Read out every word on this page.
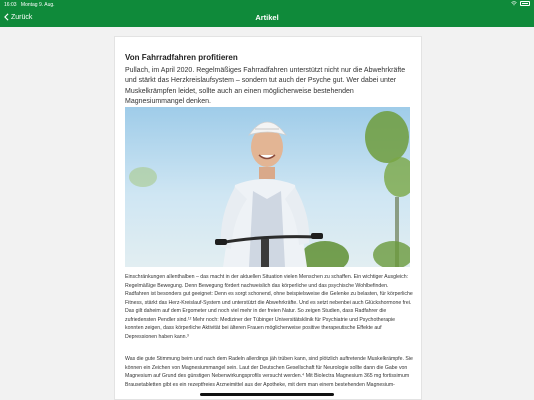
16:03 Montag 9. Aug.
Zurück	Artikel
Von Fahrradfahren profitieren
Pullach, im April 2020. Regelmäßiges Fahrradfahren unterstützt nicht nur die Abwehrkräfte und stärkt das Herzkreislaufsystem – sondern tut auch der Psyche gut. Wer dabei unter Muskelkrämpfen leidet, sollte auch an einen möglicherweise bestehenden Magnesiummangel denken.
Einschränkungen allenthalben – das macht in der aktuellen Situation vielen Menschen zu schaffen. Ein wichtiger Ausgleich: Regelmäßige Bewegung. Denn Bewegung fördert nachweislich das körperliche und das psychische Wohlbefinden. Radfahren ist besonders gut geeignet: Denn es sorgt schonend, ohne beispielsweise die Gelenke zu belasten, für körperliche Fitness, stärkt das Herz-Kreislauf-System und unterstützt die Abwehrkräfte. Und es setzt nebenbei auch Glückshormone frei. Das gilt daheim auf dem Ergometer und noch viel mehr in der freien Natur. So zeigen Studien, dass Radfahrer die zufriedensten Pendler sind.¹² Mehr noch: Mediziner der Tübinger Universitätsklinik für Psychiatrie und Psychotherapie konnten zeigen, dass körperliche Aktivität bei älteren Frauen möglicherweise positive therapeutische Effekte auf Depressionen haben kann.³
Was die gute Stimmung beim und nach dem Radeln allerdings jäh trüben kann, sind plötzlich auftretende Muskelkrämpfe. Sie können ein Zeichen von Magnesiummangel sein. Laut der Deutschen Gesellschaft für Neurologie sollte dann die Gabe von Magnesium auf Grund des günstigen Nebenwirkungsprofils versucht werden.⁴ Mit Biolectra Magnesium 365 mg fortissimum Brausetabletten gibt es ein rezeptfreies Arzneimittel aus der Apotheke, mit dem man einem bestehenden Magnesium-
